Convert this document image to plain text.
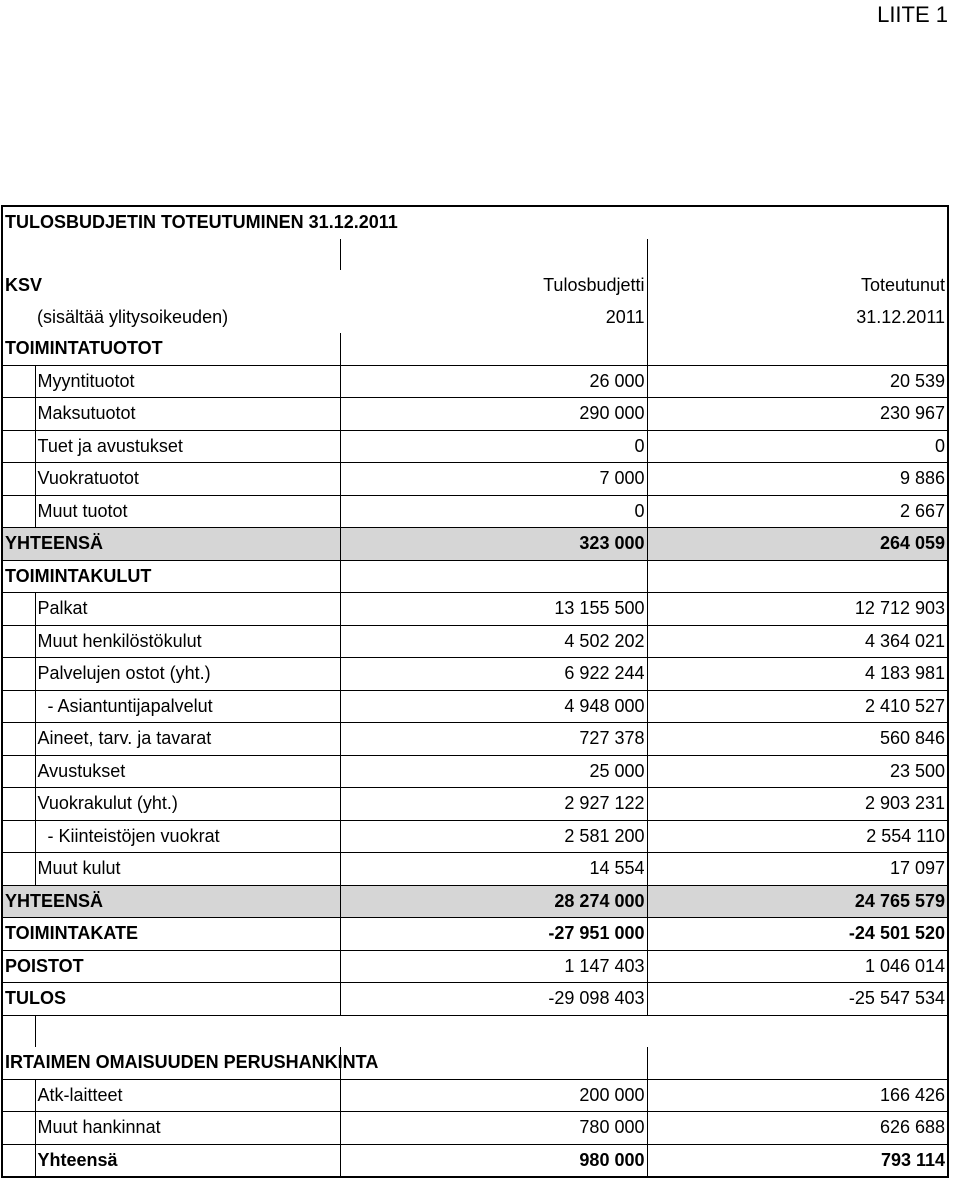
LIITE 1
TULOSBUDJETIN TOTEUTUMINEN 31.12.2011			

KSV		Tulosbudjetti	Toteutunut
	(sisältää ylitysoikeuden)	2011	31.12.2011
TOIMINTATUOTOT			
	Myyntituotot	26 000	20 539
	Maksutuotot	290 000	230 967
	Tuet ja avustukset	0	0
	Vuokratuotot	7 000	9 886
	Muut tuotot	0	2 667
YHTEENSÄ		323 000	264 059
TOIMINTAKULUT			
	Palkat	13 155 500	12 712 903
	Muut henkilöstökulut	4 502 202	4 364 021
	Palvelujen ostot (yht.)	6 922 244	4 183 981
	- Asiantuntijapalvelut	4 948 000	2 410 527
	Aineet, tarv. ja tavarat	727 378	560 846
	Avustukset	25 000	23 500
	Vuokrakulut (yht.)	2 927 122	2 903 231
	- Kiinteistöjen vuokrat	2 581 200	2 554 110
	Muut kulut	14 554	17 097
YHTEENSÄ		28 274 000	24 765 579
TOIMINTAKATE		-27 951 000	-24 501 520
POISTOT		1 147 403	1 046 014
TULOS		-29 098 403	-25 547 534

IRTAIMEN OMAISUUDEN PERUSHANKINTA			
	Atk-laitteet	200 000	166 426
	Muut hankinnat	780 000	626 688
	Yhteensä	980 000	793 114
